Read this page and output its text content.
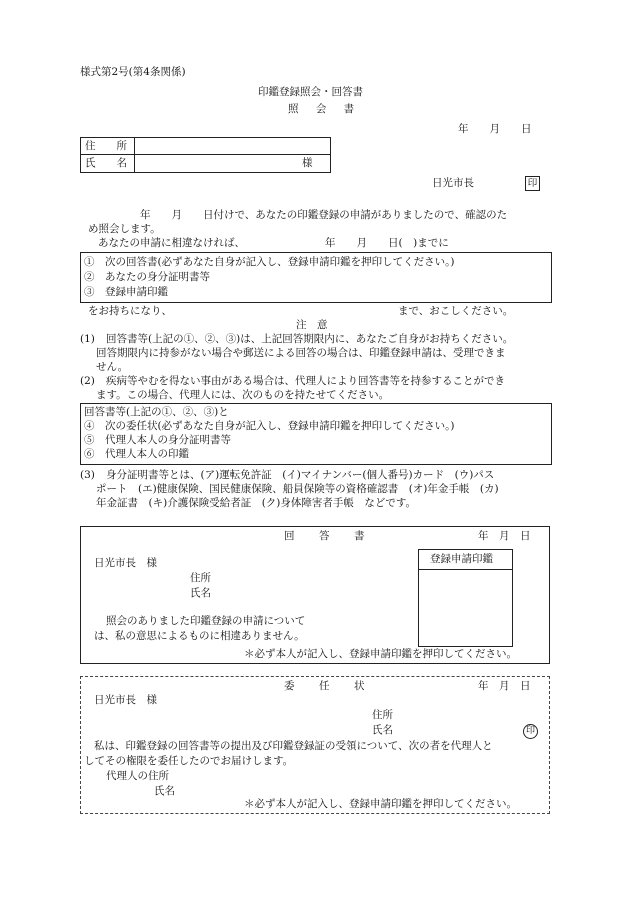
様式第2号(第4条関係)
印鑑登録照会・回答書
照 会 書
年　　月　　日
住　　所
氏　　名	様
日光市長	印
年　　月　　日付けで、あなたの印鑑登録の申請がありましたので、確認のた
め照会します。
あなたの申請に相違なければ、	年　　月　　日(　)までに
①　次の回答書(必ずあなた自身が記入し、登録申請印鑑を押印してください。)
②　あなたの身分証明書等
③　登録申請印鑑
をお持ちになり、	まで、おこしください。
注　意
(1) 回答書等(上記の①、②、③)は、上記回答期限内に、あなたご自身がお持ちください。
回答期限内に持参がない場合や郵送による回答の場合は、印鑑登録申請は、受理できま
せん。
(2) 疾病等やむを得ない事由がある場合は、代理人により回答書等を持参することができ
ます。この場合、代理人には、次のものを持たせてください。
回答書等(上記の①、②、③)と
④　次の委任状(必ずあなた自身が記入し、登録申請印鑑を押印してください。)
⑤　代理人本人の身分証明書等
⑥　代理人本人の印鑑
(3) 身分証明書等とは、(ア)運転免許証　(イ)マイナンバー(個人番号)カード　(ウ)パス
ポート　(エ)健康保険、国民健康保険、船員保険等の資格確認書　(オ)年金手帳　(カ)
年金証書　(キ)介護保険受給者証　(ク)身体障害者手帳　などです。
回　答　書	年　月　日
日光市長　様
住所
氏名
登録申請印鑑
照会のありました印鑑登録の申請について
は、私の意思によるものに相違ありません。
＊必ず本人が記入し、登録申請印鑑を押印してください。
委　任　状	年　月　日
日光市長　様
住所
氏名	印
私は、印鑑登録の回答書等の提出及び印鑑登録証の受領について、次の者を代理人と
してその権限を委任したのでお届けします。
代理人の住所
氏名
＊必ず本人が記入し、登録申請印鑑を押印してください。
